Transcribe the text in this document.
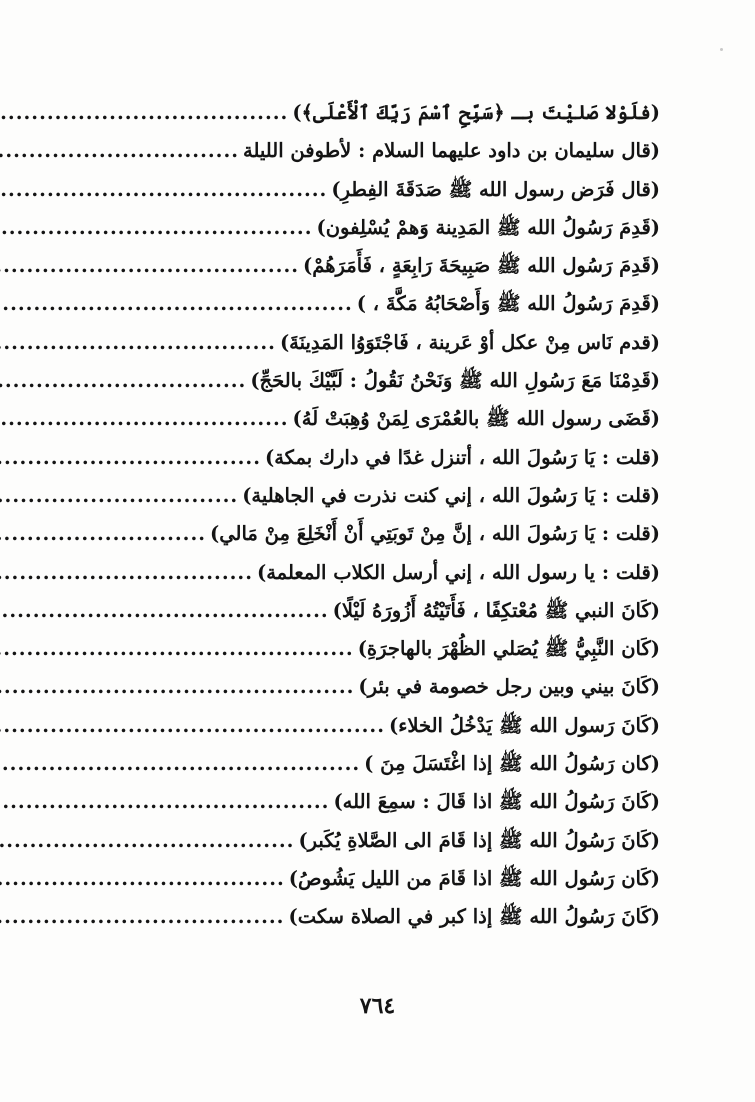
(فلَوْلا صَليْتَ بـ ﴿سَبِّحِ ٱسْمَ رَبِّكَ ٱلْأَعْلَى﴾)
.....
(قال سليمان بن داود عليهما السلام : لأطوفن الليلة
.....
(قال فَرَض رسول الله ﷺ صَدَقَةَ الفِطرِ)
.....
(قَدِمَ رَسُولُ الله ﷺ المَدِينة وَهمْ يُسْلِفون)
.....
(قَدِمَ رَسُول الله ﷺ صَبِيحَةَ رَابِعَةٍ ، فَأَمَرَهُمْ)
.....
(قَدِمَ رَسُولُ الله ﷺ وَأَصْحَابُهُ مَكَّةَ ، )
.....
(قدم نَاس مِنْ عكل أوْ عَرينة ، فَاجْتَوَوُا المَدِينَةَ)
.....
(قَدِمْنَا مَعَ رَسُولِ الله ﷺ وَنَحْنُ نَقُولُ : لَبَّيْكَ بالحَجِّ)
.....
(قَضَى رسول الله ﷺ بالعُمْرَى لِمَنْ وُهِبَتْ لَهُ)
.....
(قلت : يَا رَسُولَ الله ، أتنزل غدًا في دارك بمكة)
.....
(قلت : يَا رَسُولَ الله ، إني كنت نذرت في الجاهلية)
.....
(قلت : يَا رَسُولَ الله ، إنَّ مِنْ تَوبَتِي أَنْ أَنْخَلِعَ مِنْ مَالي)
.....
(قلت : يا رسول الله ، إني أرسل الكلاب المعلمة)
.....
(كَانَ النبي ﷺ مُعْتكِفًا ، فَأَتَيْتُهُ أَزُورَهُ لَيْلًا)
.....
(كَان النَّبِيُّ ﷺ يُصَلي الظُهْرَ بالهاجرَةِ)
.....
(كَانَ بيني وبين رجل خصومة في بئر)
.....
(كَانَ رَسول الله ﷺ يَدْخُلُ الخلاء)
.....
(كان رَسُولُ الله ﷺ إذا اغْتَسَلَ مِنَ )
.....
(كَانَ رَسُولُ الله ﷺ اذا قَالَ : سمِعَ الله)
.....
(كَانَ رَسُولُ الله ﷺ إذا قَامَ الى الصَّلاةِ يُكَبر)
.....
(كَان رَسُول الله ﷺ اذا قَامَ من الليل يَشُوصُ)
.....
(كَانَ رَسُولُ الله ﷺ إذا كبر في الصلاة سكت)
.....
٧٦٤
